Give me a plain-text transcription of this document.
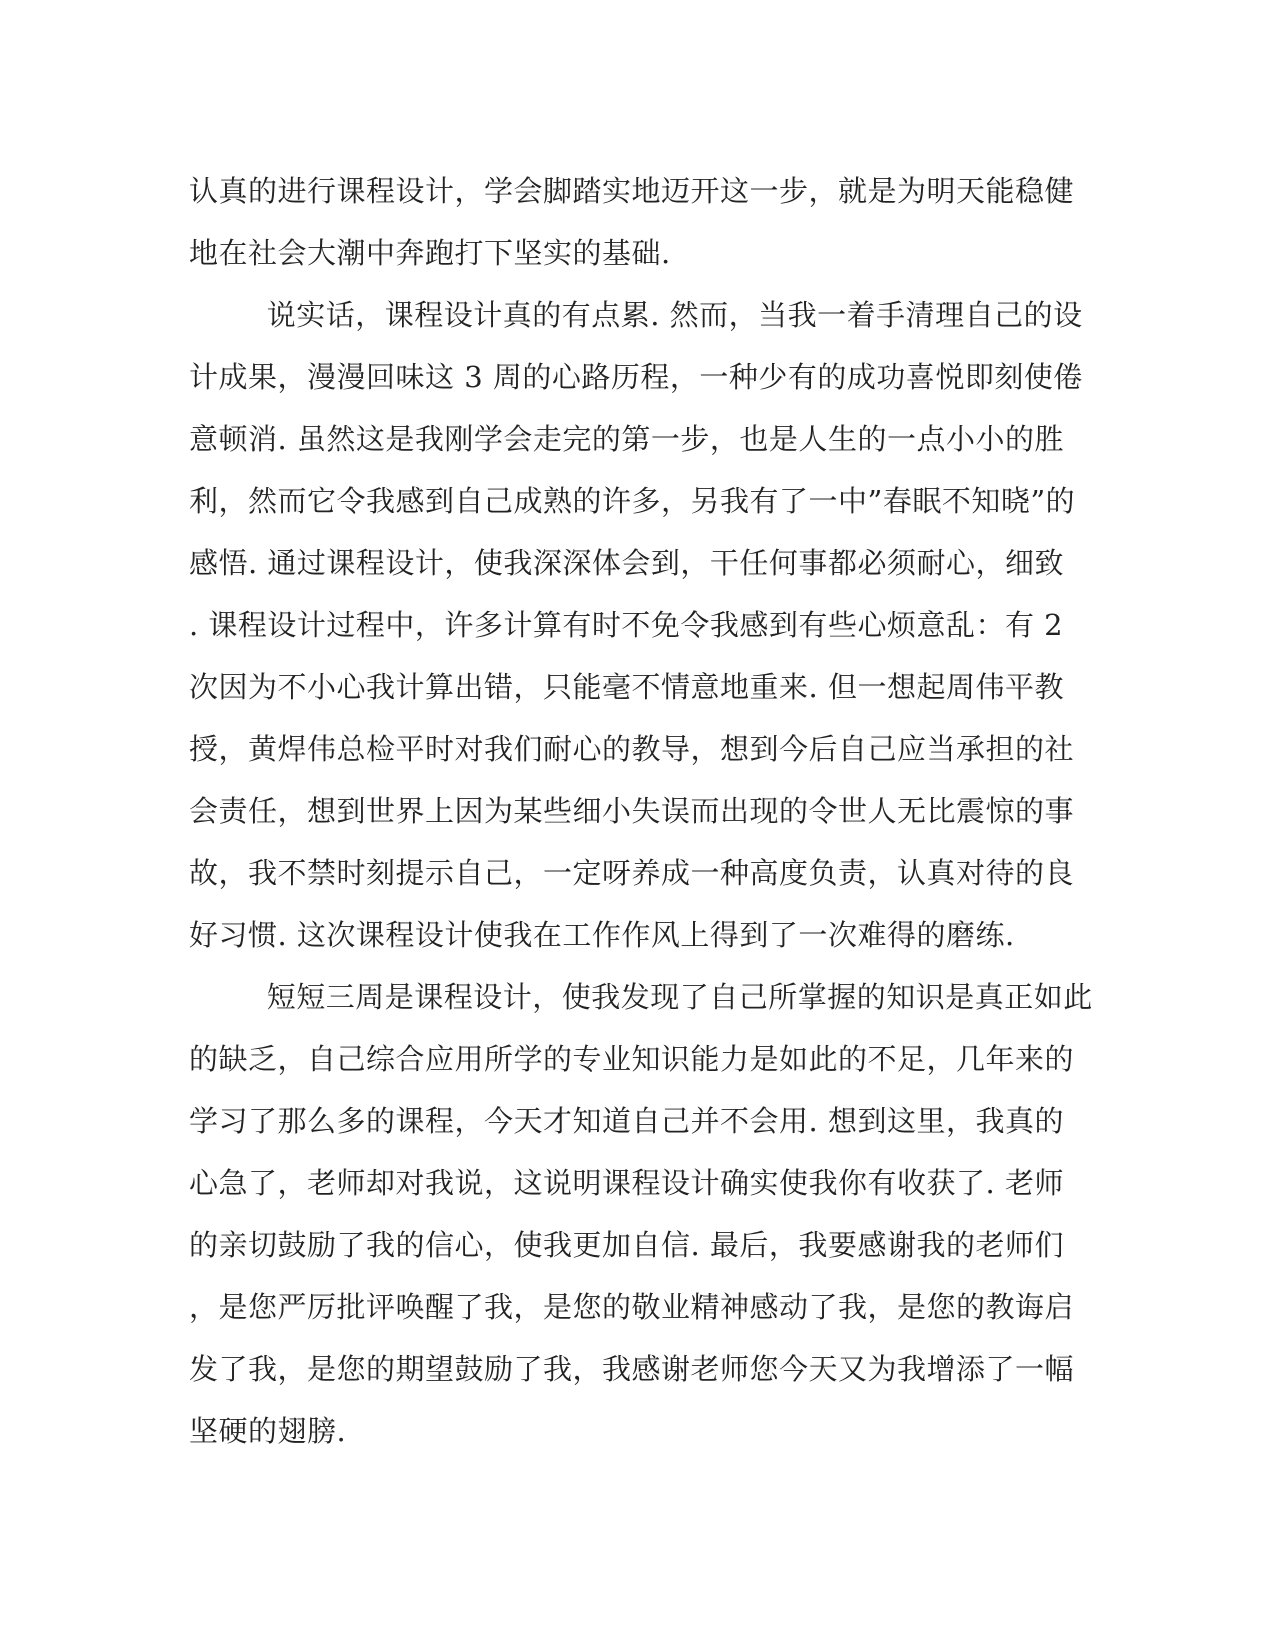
认真的进行课程设计，学会脚踏实地迈开这一步，就是为明天能稳健
地在社会大潮中奔跑打下坚实的基础.
说实话，课程设计真的有点累. 然而，当我一着手清理自己的设
计成果，漫漫回味这 3 周的心路历程，一种少有的成功喜悦即刻使倦
意顿消. 虽然这是我刚学会走完的第一步，也是人生的一点小小的胜
利，然而它令我感到自己成熟的许多，另我有了一中”春眠不知晓”的
感悟. 通过课程设计，使我深深体会到，干任何事都必须耐心，细致
. 课程设计过程中，许多计算有时不免令我感到有些心烦意乱：有 2
次因为不小心我计算出错，只能毫不情意地重来. 但一想起周伟平教
授，黄焊伟总检平时对我们耐心的教导，想到今后自己应当承担的社
会责任，想到世界上因为某些细小失误而出现的令世人无比震惊的事
故，我不禁时刻提示自己，一定呀养成一种高度负责，认真对待的良
好习惯. 这次课程设计使我在工作作风上得到了一次难得的磨练.
短短三周是课程设计，使我发现了自己所掌握的知识是真正如此
的缺乏，自己综合应用所学的专业知识能力是如此的不足，几年来的
学习了那么多的课程，今天才知道自己并不会用. 想到这里，我真的
心急了，老师却对我说，这说明课程设计确实使我你有收获了. 老师
的亲切鼓励了我的信心，使我更加自信. 最后，我要感谢我的老师们
，是您严厉批评唤醒了我，是您的敬业精神感动了我，是您的教诲启
发了我，是您的期望鼓励了我，我感谢老师您今天又为我增添了一幅
坚硬的翅膀.
